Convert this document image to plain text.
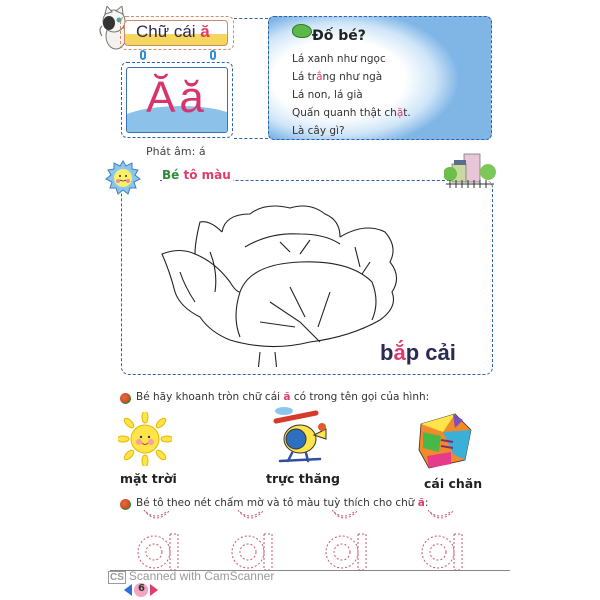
Chữ cái ă
Ăă
Phát âm: á
Đố bé?
Lá xanh như ngọc
Lá trắng như ngà
Lá non, lá già
Quấn quanh thật chặt.
Là cây gì?
Bé tô màu
bắp cải
Bé hãy khoanh tròn chữ cái ă có trong tên gọi của hình:
mặt trời	trực thăng	cái chăn
Bé tô theo nét chấm mờ và tô màu tuỳ thích cho chữ ă:
CS Scanned with CamScanner
6
